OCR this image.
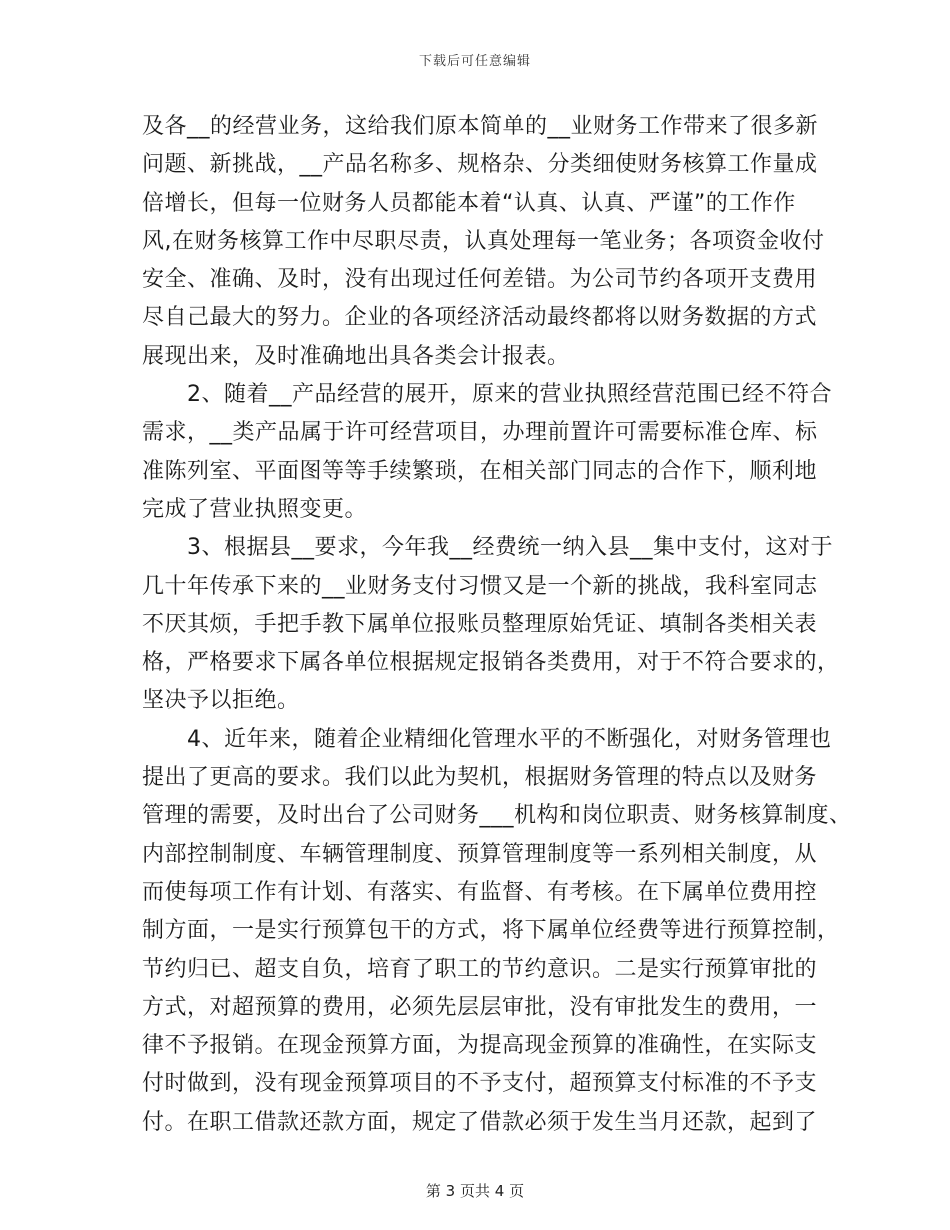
下载后可任意编辑
及各__的经营业务，这给我们原本简单的__业财务工作带来了很多新
问题、新挑战，__产品名称多、规格杂、分类细使财务核算工作量成
倍增长，但每一位财务人员都能本着“认真、认真、严谨”的工作作
风,在财务核算工作中尽职尽责，认真处理每一笔业务；各项资金收付
安全、准确、及时，没有出现过任何差错。为公司节约各项开支费用
尽自己最大的努力。企业的各项经济活动最终都将以财务数据的方式
展现出来，及时准确地出具各类会计报表。
　　2、随着__产品经营的展开，原来的营业执照经营范围已经不符合
需求，__类产品属于许可经营项目，办理前置许可需要标准仓库、标
准陈列室、平面图等等手续繁琐，在相关部门同志的合作下，顺利地
完成了营业执照变更。
　　3、根据县__要求，今年我__经费统一纳入县__集中支付，这对于
几十年传承下来的__业财务支付习惯又是一个新的挑战，我科室同志
不厌其烦，手把手教下属单位报账员整理原始凭证、填制各类相关表
格，严格要求下属各单位根据规定报销各类费用，对于不符合要求的，
坚决予以拒绝。
　　4、近年来，随着企业精细化管理水平的不断强化，对财务管理也
提出了更高的要求。我们以此为契机，根据财务管理的特点以及财务
管理的需要，及时出台了公司财务___机构和岗位职责、财务核算制度、
内部控制制度、车辆管理制度、预算管理制度等一系列相关制度，从
而使每项工作有计划、有落实、有监督、有考核。在下属单位费用控
制方面，一是实行预算包干的方式，将下属单位经费等进行预算控制，
节约归已、超支自负，培育了职工的节约意识。二是实行预算审批的
方式，对超预算的费用，必须先层层审批，没有审批发生的费用，一
律不予报销。在现金预算方面，为提高现金预算的准确性，在实际支
付时做到，没有现金预算项目的不予支付，超预算支付标准的不予支
付。在职工借款还款方面，规定了借款必须于发生当月还款，起到了
第 3 页共 4 页
